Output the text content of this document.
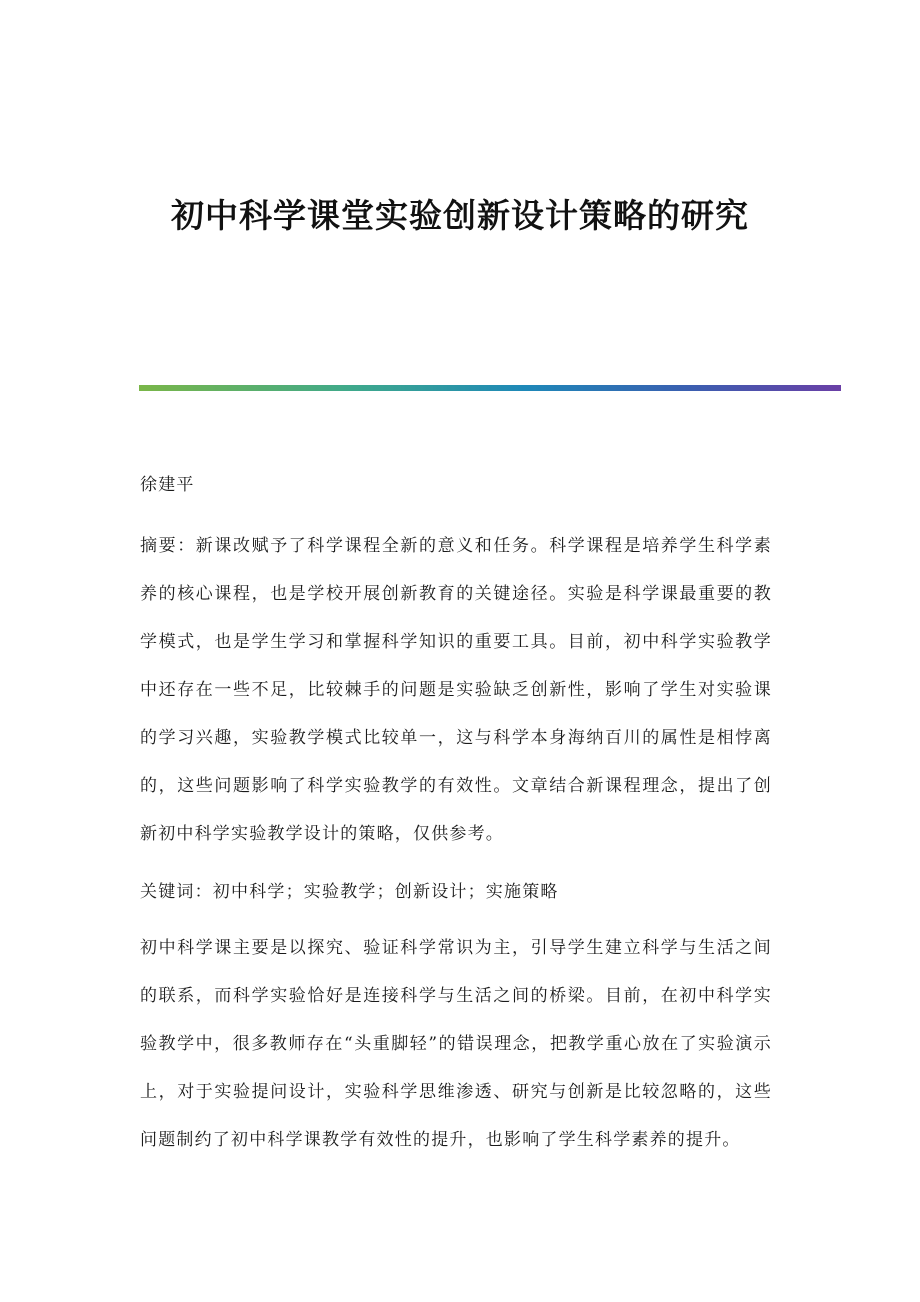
初中科学课堂实验创新设计策略的研究

徐建平

摘要：新课改赋予了科学课程全新的意义和任务。科学课程是培养学生科学素养的核心课程，也是学校开展创新教育的关键途径。实验是科学课最重要的教学模式，也是学生学习和掌握科学知识的重要工具。目前，初中科学实验教学中还存在一些不足，比较棘手的问题是实验缺乏创新性，影响了学生对实验课的学习兴趣，实验教学模式比较单一，这与科学本身海纳百川的属性是相悖离的，这些问题影响了科学实验教学的有效性。文章结合新课程理念，提出了创新初中科学实验教学设计的策略，仅供参考。

关键词：初中科学；实验教学；创新设计；实施策略

初中科学课主要是以探究、验证科学常识为主，引导学生建立科学与生活之间的联系，而科学实验恰好是连接科学与生活之间的桥梁。目前，在初中科学实验教学中，很多教师存在“头重脚轻”的错误理念，把教学重心放在了实验演示上，对于实验提问设计，实验科学思维渗透、研究与创新是比较忽略的，这些问题制约了初中科学课教学有效性的提升，也影响了学生科学素养的提升。
